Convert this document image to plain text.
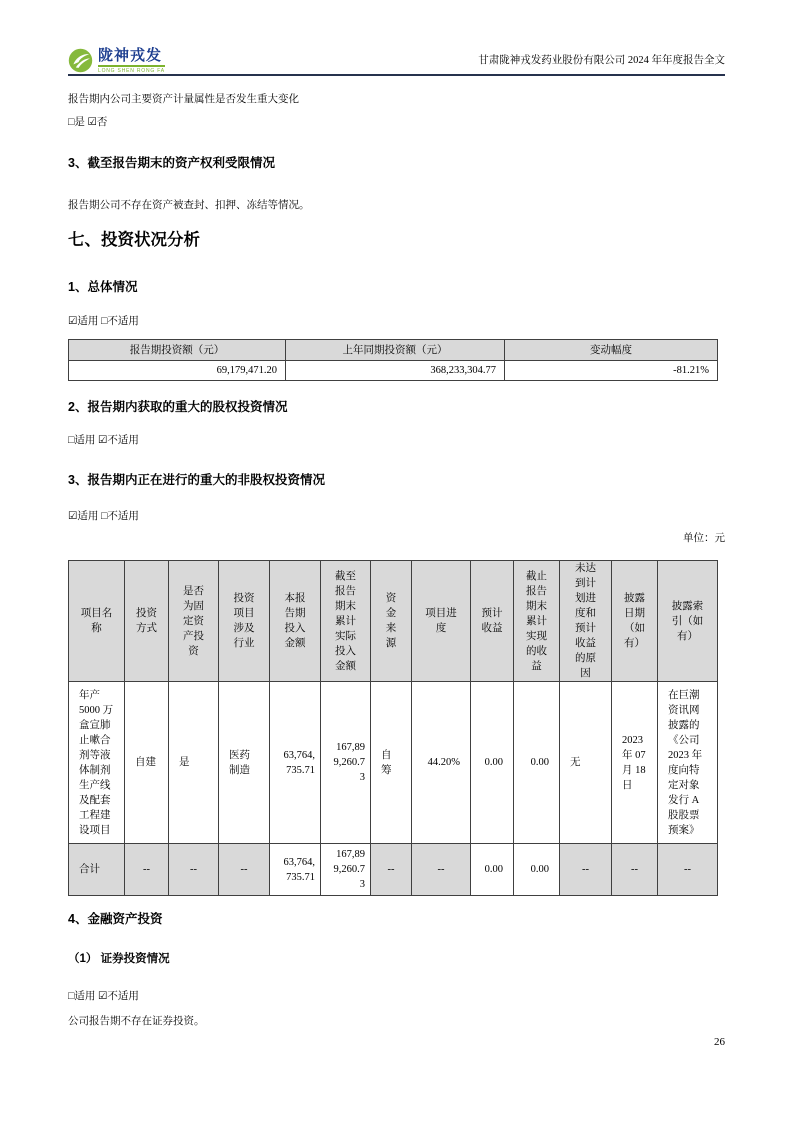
陇神戎发
LONG SHEN RONG FA
甘肃陇神戎发药业股份有限公司 2024 年年度报告全文

报告期内公司主要资产计量属性是否发生重大变化

□是 ☑否

3、截至报告期末的资产权利受限情况

报告期公司不存在资产被查封、扣押、冻结等情况。

七、投资状况分析
1、总体情况

☑适用 □不适用

报告期投资额（元）	上年同期投资额（元）	变动幅度
69,179,471.20	368,233,304.77	-81.21%
2、报告期内获取的重大的股权投资情况

□适用 ☑不适用

3、报告期内正在进行的重大的非股权投资情况

☑适用 □不适用

单位：元

项目名称	投资方式	是否为固定资产投资	投资项目涉及行业	本报告期投入金额	截至报告期末累计实际投入金额	资金来源	项目进度	预计收益	截止报告期末累计实现的收益	未达到计划进度和预计收益的原因	披露日期（如有）	披露索引（如有）
年产 5000 万盒宣肺止嗽合剂等液体制剂生产线及配套工程建设项目	自建	是	医药制造	63,764,735.71	167,899,260.73	自筹	44.20%	0.00	0.00	无	2023 年 07 月 18 日	在巨潮资讯网披露的《公司 2023 年度向特定对象发行 A 股股票预案》
合计	--	--	--	63,764,735.71	167,899,260.73	--	--	0.00	0.00	--	--	--
4、金融资产投资

（1） 证券投资情况

□适用 ☑不适用

公司报告期不存在证券投资。

26
